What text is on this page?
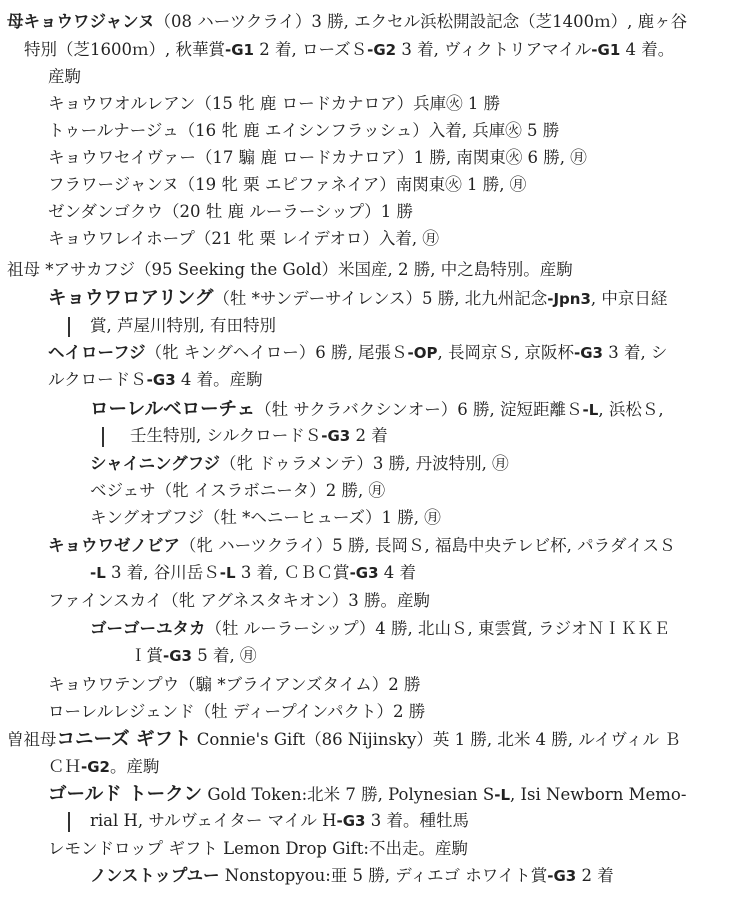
母キョウワジャンヌ（08 ハーツクライ）3 勝, エクセル浜松開設記念（芝1400ｍ）, 鹿ヶ谷
特別（芝1600ｍ）, 秋華賞-G1 2 着, ローズＳ-G2 3 着, ヴィクトリアマイル-G1 4 着。
産駒
キョウワオルレアン（15 牝 鹿 ロードカナロア）兵庫㊋ 1 勝
トゥールナージュ（16 牝 鹿 エイシンフラッシュ）入着, 兵庫㊋ 5 勝
キョウワセイヴァー（17 騸 鹿 ロードカナロア）1 勝, 南関東㊋ 6 勝, ㊊
フラワージャンヌ（19 牝 栗 エピファネイア）南関東㊋ 1 勝, ㊊
ゼンダンゴクウ（20 牡 鹿 ルーラーシップ）1 勝
キョウワレイホープ（21 牝 栗 レイデオロ）入着, ㊊
祖母 *アサカフジ（95 Seeking the Gold）米国産, 2 勝, 中之島特別。産駒
キョウワロアリング（牡 *サンデーサイレンス）5 勝, 北九州記念-Jpn3, 中京日経
賞, 芦屋川特別, 有田特別
ヘイローフジ（牝 キングヘイロー）6 勝, 尾張Ｓ-OP, 長岡京Ｓ, 京阪杯-G3 3 着, シ
ルクロードＳ-G3 4 着。産駒
ローレルベローチェ（牡 サクラバクシンオー）6 勝, 淀短距離Ｓ-L, 浜松Ｓ,
壬生特別, シルクロードＳ-G3 2 着
シャイニングフジ（牝 ドゥラメンテ）3 勝, 丹波特別, ㊊
ベジェサ（牝 イスラボニータ）2 勝, ㊊
キングオブフジ（牡 *ヘニーヒューズ）1 勝, ㊊
キョウワゼノビア（牝 ハーツクライ）5 勝, 長岡Ｓ, 福島中央テレビ杯, パラダイスＳ
-L 3 着, 谷川岳Ｓ-L 3 着, ＣＢＣ賞-G3 4 着
ファインスカイ（牝 アグネスタキオン）3 勝。産駒
ゴーゴーユタカ（牡 ルーラーシップ）4 勝, 北山Ｓ, 東雲賞, ラジオＮＩＫＫＥ
Ｉ賞-G3 5 着, ㊊
キョウワテンプウ（騸 *ブライアンズタイム）2 勝
ローレルレジェンド（牡 ディープインパクト）2 勝
曽祖母コニーズ ギフト Connie's Gift（86 Nijinsky）英 1 勝, 北米 4 勝, ルイヴィル Ｂ
ＣＨ-G2。産駒
ゴールド トークン Gold Token:北米 7 勝, Polynesian S-L, Isi Newborn Memo-
rial H, サルヴェイター マイル H-G3 3 着。種牡馬
レモンドロップ ギフト Lemon Drop Gift:不出走。産駒
ノンストップユー Nonstopyou:亜 5 勝, ディエゴ ホワイト賞-G3 2 着
